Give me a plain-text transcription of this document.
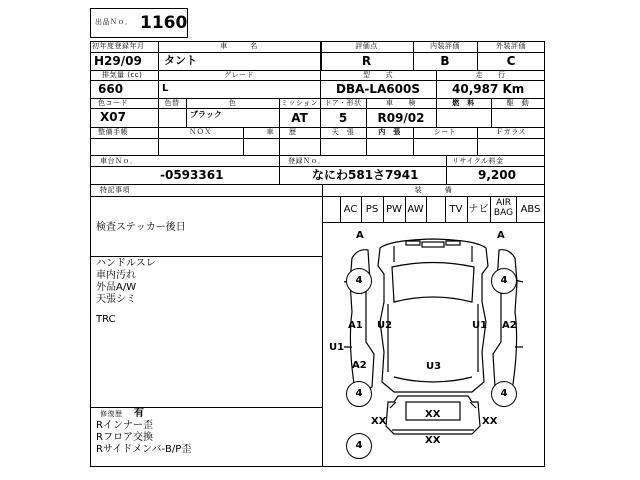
出品Ｎｏ． 1160
初年度登録年月	車　　　名	評価点	内装評価	外装評価
H29/09 タント	R	B	C
排気量 (cc)	グレード	型　　式	走　　行
660	L	DBA-LA600S	40,987 Km
色コード	色替	色	ミッション ドア・形状	車　　検	燃　料	駆　動
X07	ブラック	AT	5	R09/02
整備手帳	ＮＯＸ	車　　歴	天　張	内　張	シート	Ｆガラス
車台Ｎｏ．	登録Ｎｏ．	リサイクル料金
-0593361	なにわ581さ7941	9,200
特記事項
検査ステッカー後日
ハンドルスレ
車内汚れ
外品A/W
天張シミ
TRC
修復歴 有
Rインナー歪
Rフロア交換
Rサイドメンバ-B/P歪
装　　　備
AC PS PW AW	TV ナビ
AIR BAG ABS
4	4
4	4
4
A	A
A1 U2	U1 A2
U1
A2	U3
XX
XX	XX
XX
